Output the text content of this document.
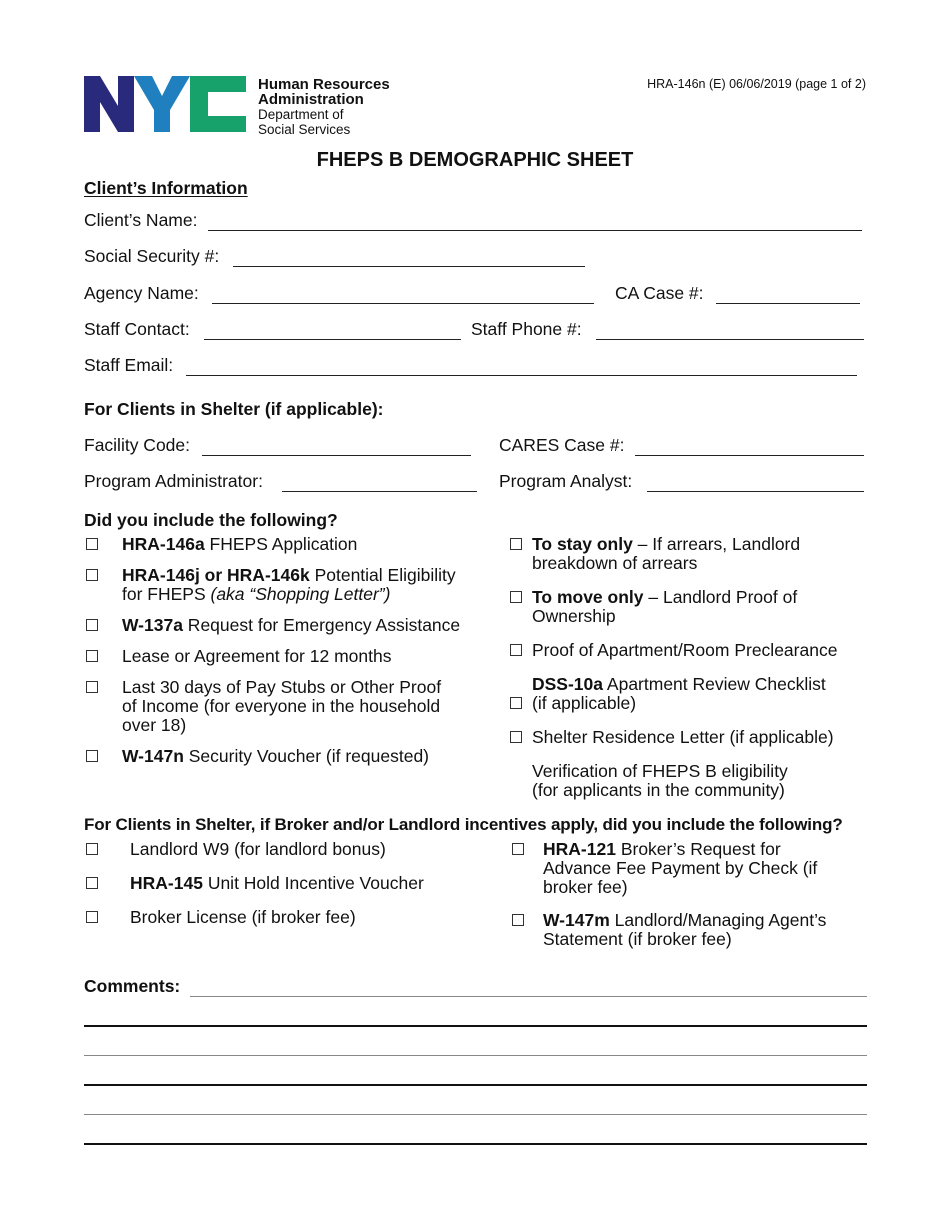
Human Resources
Administration
Department of
Social Services
HRA-146n (E) 06/06/2019 (page 1 of 2)
FHEPS B DEMOGRAPHIC SHEET
Client’s Information
Client’s Name:
Social Security #:
Agency Name:	CA Case #:
Staff Contact:	Staff Phone #:
Staff Email:
For Clients in Shelter (if applicable):
Facility Code:	CARES Case #:
Program Administrator:	Program Analyst:
Did you include the following?
HRA-146a FHEPS Application
HRA-146j or HRA-146k Potential Eligibility
for FHEPS (aka “Shopping Letter”)
W-137a Request for Emergency Assistance
Lease or Agreement for 12 months
Last 30 days of Pay Stubs or Other Proof
of Income (for everyone in the household
over 18)
W-147n Security Voucher (if requested)
To stay only – If arrears, Landlord
breakdown of arrears
To move only – Landlord Proof of
Ownership
Proof of Apartment/Room Preclearance
DSS-10a Apartment Review Checklist
(if applicable)
Shelter Residence Letter (if applicable)
Verification of FHEPS B eligibility
(for applicants in the community)
For Clients in Shelter, if Broker and/or Landlord incentives apply, did you include the following?
Landlord W9 (for landlord bonus)
HRA-145 Unit Hold Incentive Voucher
Broker License (if broker fee)
HRA-121 Broker’s Request for
Advance Fee Payment by Check (if
broker fee)
W-147m Landlord/Managing Agent’s
Statement (if broker fee)
Comments:
